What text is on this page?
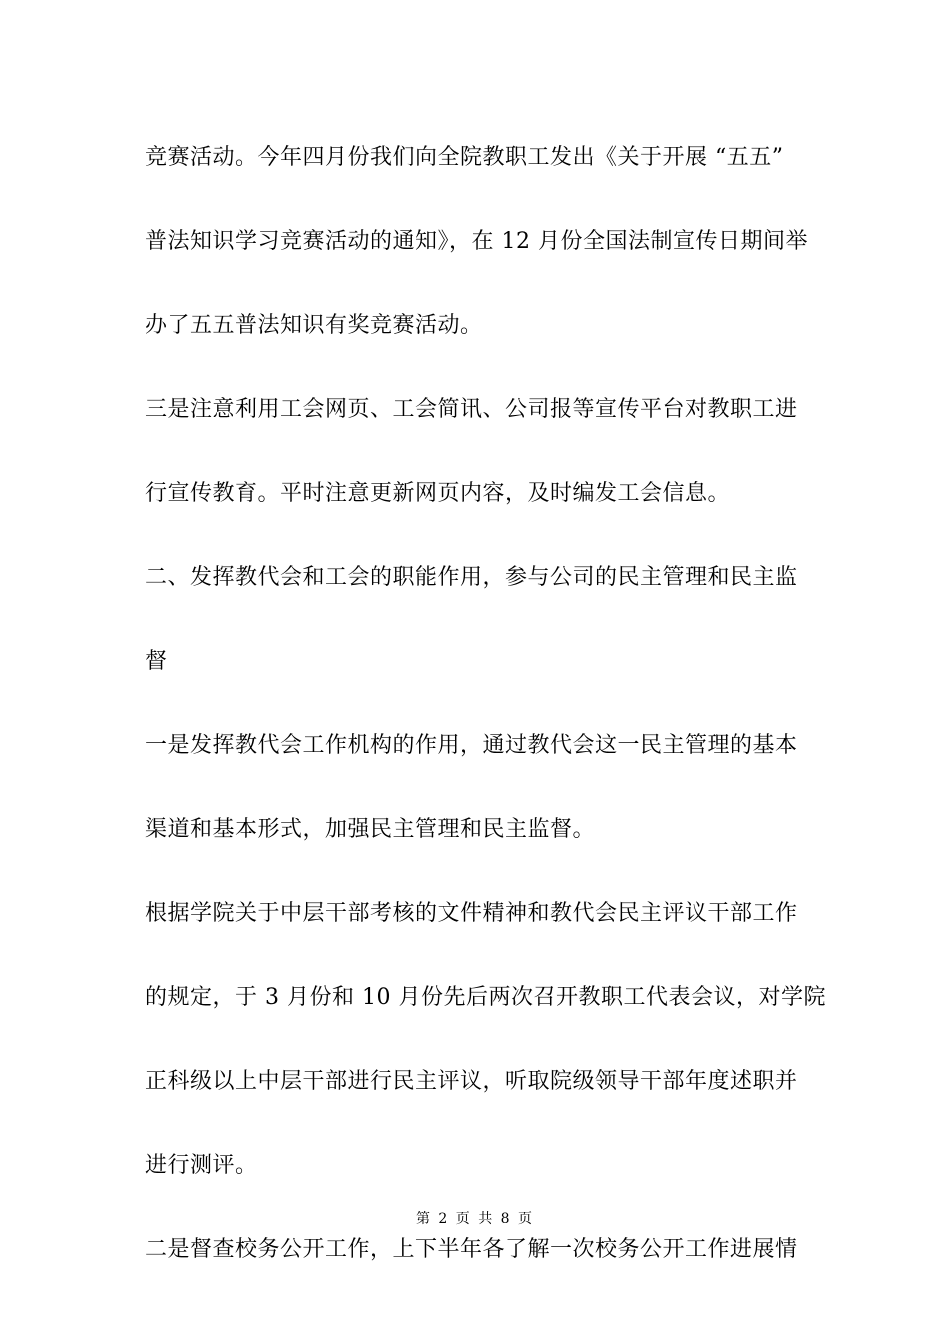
竞赛活动。今年四月份我们向全院教职工发出《关于开展 “五五”
普法知识学习竞赛活动的通知》，在 12 月份全国法制宣传日期间举
办了五五普法知识有奖竞赛活动。
三是注意利用工会网页、工会简讯、公司报等宣传平台对教职工进
行宣传教育。平时注意更新网页内容，及时编发工会信息。
二、发挥教代会和工会的职能作用，参与公司的民主管理和民主监
督
一是发挥教代会工作机构的作用，通过教代会这一民主管理的基本
渠道和基本形式，加强民主管理和民主监督。
根据学院关于中层干部考核的文件精神和教代会民主评议干部工作
的规定，于 3 月份和 10 月份先后两次召开教职工代表会议，对学院
正科级以上中层干部进行民主评议，听取院级领导干部年度述职并
进行测评。
二是督查校务公开工作，上下半年各了解一次校务公开工作进展情
第 2 页 共 8 页
